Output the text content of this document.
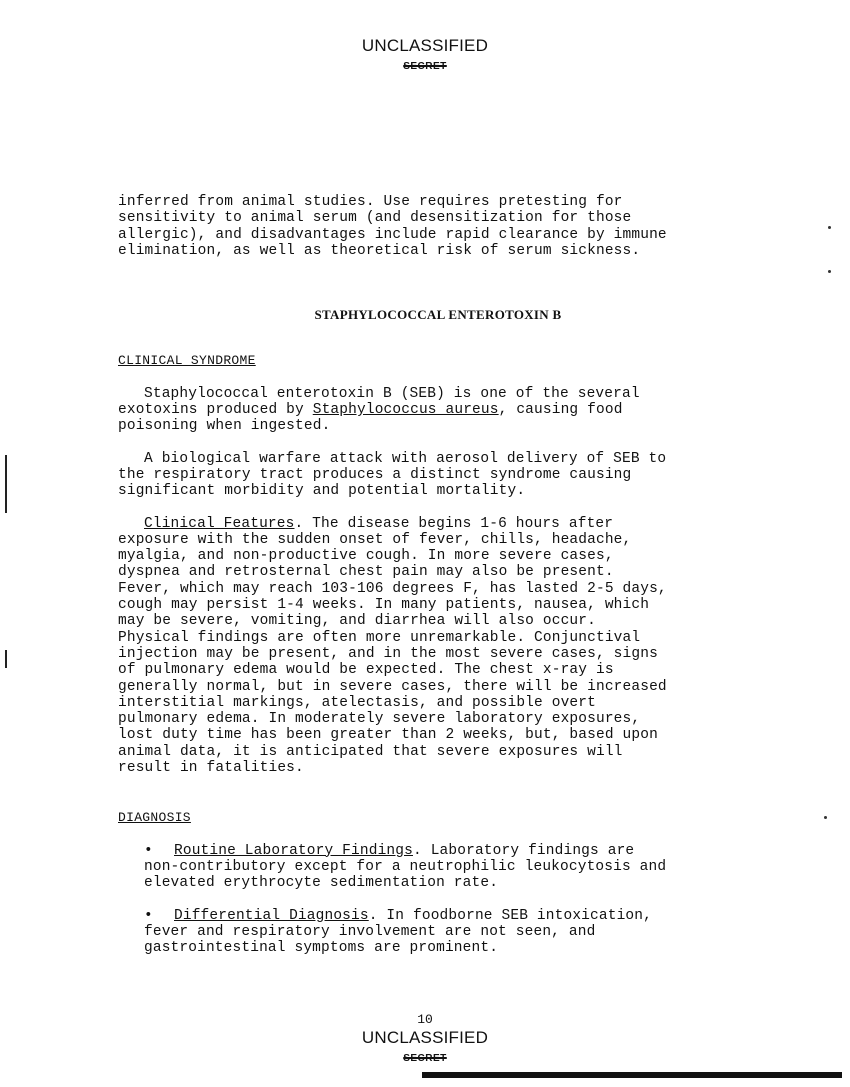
UNCLASSIFIED
SECRET

inferred from animal studies. Use requires pretesting for
sensitivity to animal serum (and desensitization for those
allergic), and disadvantages include rapid clearance by immune
elimination, as well as theoretical risk of serum sickness.

STAPHYLOCOCCAL ENTEROTOXIN B

CLINICAL SYNDROME

Staphylococcal enterotoxin B (SEB) is one of the several
exotoxins produced by Staphylococcus aureus, causing food
poisoning when ingested.

A biological warfare attack with aerosol delivery of SEB to
the respiratory tract produces a distinct syndrome causing
significant morbidity and potential mortality.

Clinical Features. The disease begins 1-6 hours after
exposure with the sudden onset of fever, chills, headache,
myalgia, and non-productive cough. In more severe cases,
dyspnea and retrosternal chest pain may also be present.
Fever, which may reach 103-106 degrees F, has lasted 2-5 days,
cough may persist 1-4 weeks. In many patients, nausea, which
may be severe, vomiting, and diarrhea will also occur.
Physical findings are often more unremarkable. Conjunctival
injection may be present, and in the most severe cases, signs
of pulmonary edema would be expected. The chest x-ray is
generally normal, but in severe cases, there will be increased
interstitial markings, atelectasis, and possible overt
pulmonary edema. In moderately severe laboratory exposures,
lost duty time has been greater than 2 weeks, but, based upon
animal data, it is anticipated that severe exposures will
result in fatalities.

DIAGNOSIS

• Routine Laboratory Findings. Laboratory findings are
non-contributory except for a neutrophilic leukocytosis and
elevated erythrocyte sedimentation rate.

• Differential Diagnosis. In foodborne SEB intoxication,
fever and respiratory involvement are not seen, and
gastrointestinal symptoms are prominent.

10
UNCLASSIFIED
SECRET
